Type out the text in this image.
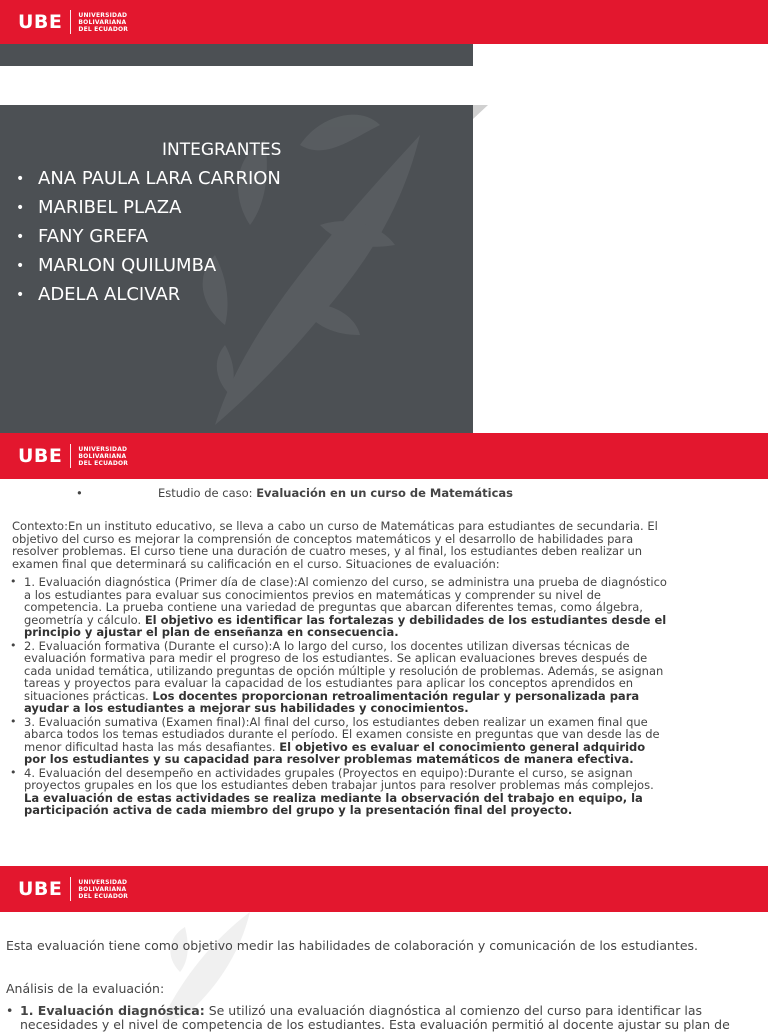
UBE	UNIVERSIDAD
BOLIVARIANA
DEL ECUADOR
INTEGRANTES
• ANA PAULA LARA CARRION
• MARIBEL PLAZA
• FANY GREFA
• MARLON QUILUMBA
• ADELA ALCIVAR
UBE	UNIVERSIDAD
BOLIVARIANA
DEL ECUADOR
•	Estudio de caso: Evaluación en un curso de Matemáticas
Contexto:En un instituto educativo, se lleva a cabo un curso de Matemáticas para estudiantes de secundaria. El objetivo del curso es mejorar la comprensión de conceptos matemáticos y el desarrollo de habilidades para resolver problemas. El curso tiene una duración de cuatro meses, y al final, los estudiantes deben realizar un examen final que determinará su calificación en el curso. Situaciones de evaluación:
• 1. Evaluación diagnóstica (Primer día de clase):Al comienzo del curso, se administra una prueba de diagnóstico a los estudiantes para evaluar sus conocimientos previos en matemáticas y comprender su nivel de competencia. La prueba contiene una variedad de preguntas que abarcan diferentes temas, como álgebra, geometría y cálculo. El objetivo es identificar las fortalezas y debilidades de los estudiantes desde el principio y ajustar el plan de enseñanza en consecuencia.
• 2. Evaluación formativa (Durante el curso):A lo largo del curso, los docentes utilizan diversas técnicas de evaluación formativa para medir el progreso de los estudiantes. Se aplican evaluaciones breves después de cada unidad temática, utilizando preguntas de opción múltiple y resolución de problemas. Además, se asignan tareas y proyectos para evaluar la capacidad de los estudiantes para aplicar los conceptos aprendidos en situaciones prácticas. Los docentes proporcionan retroalimentación regular y personalizada para ayudar a los estudiantes a mejorar sus habilidades y conocimientos.
• 3. Evaluación sumativa (Examen final):Al final del curso, los estudiantes deben realizar un examen final que abarca todos los temas estudiados durante el período. El examen consiste en preguntas que van desde las de menor dificultad hasta las más desafiantes. El objetivo es evaluar el conocimiento general adquirido por los estudiantes y su capacidad para resolver problemas matemáticos de manera efectiva.
• 4. Evaluación del desempeño en actividades grupales (Proyectos en equipo):Durante el curso, se asignan proyectos grupales en los que los estudiantes deben trabajar juntos para resolver problemas más complejos. La evaluación de estas actividades se realiza mediante la observación del trabajo en equipo, la participación activa de cada miembro del grupo y la presentación final del proyecto.
UBE	UNIVERSIDAD
BOLIVARIANA
DEL ECUADOR
Esta evaluación tiene como objetivo medir las habilidades de colaboración y comunicación de los estudiantes.
Análisis de la evaluación:
• 1. Evaluación diagnóstica: Se utilizó una evaluación diagnóstica al comienzo del curso para identificar las necesidades y el nivel de competencia de los estudiantes. Esta evaluación permitió al docente ajustar su plan de
